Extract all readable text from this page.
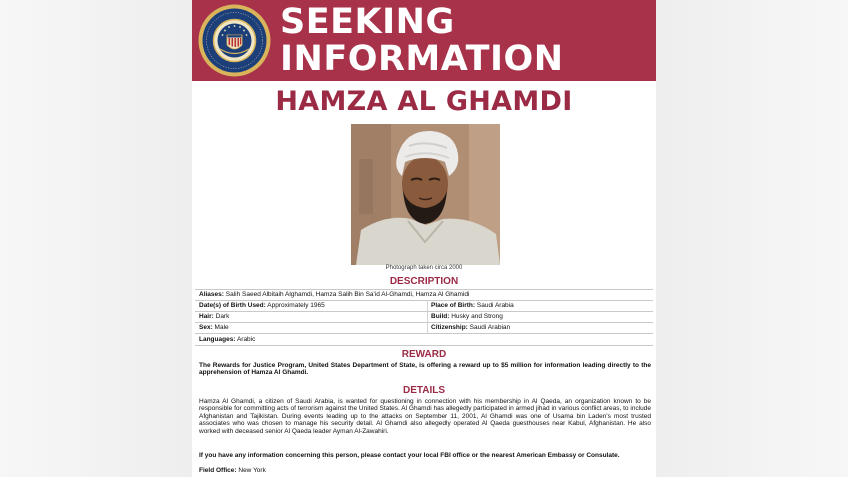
SEEKING
INFORMATION
HAMZA AL GHAMDI
Photograph taken circa 2000
DESCRIPTION
Aliases: Salih Saeed Albitaih Alghamdi, Hamza Salih Bin Sa'id Al-Ghamdi, Hamza Al Ghamidi
Date(s) of Birth Used: Approximately 1965	Place of Birth: Saudi Arabia
Hair: Dark	Build: Husky and Strong
Sex: Male	Citizenship: Saudi Arabian
Languages: Arabic
REWARD
The Rewards for Justice Program, United States Department of State, is offering a reward up to $5 million for information leading directly to the apprehension of Hamza Al Ghamdi.
DETAILS
Hamza Al Ghamdi, a citizen of Saudi Arabia, is wanted for questioning in connection with his membership in Al Qaeda, an organization known to be responsible for committing acts of terrorism against the United States. Al Ghamdi has allegedly participated in armed jihad in various conflict areas, to include Afghanistan and Tajikistan. During events leading up to the attacks on September 11, 2001, Al Ghamdi was one of Usama bin Laden's most trusted associates who was chosen to manage his security detail. Al Ghamdi also allegedly operated Al Qaeda guesthouses near Kabul, Afghanistan. He also worked with deceased senior Al Qaeda leader Ayman Al-Zawahiri.
If you have any information concerning this person, please contact your local FBI office or the nearest American Embassy or Consulate.
Field Office: New York
